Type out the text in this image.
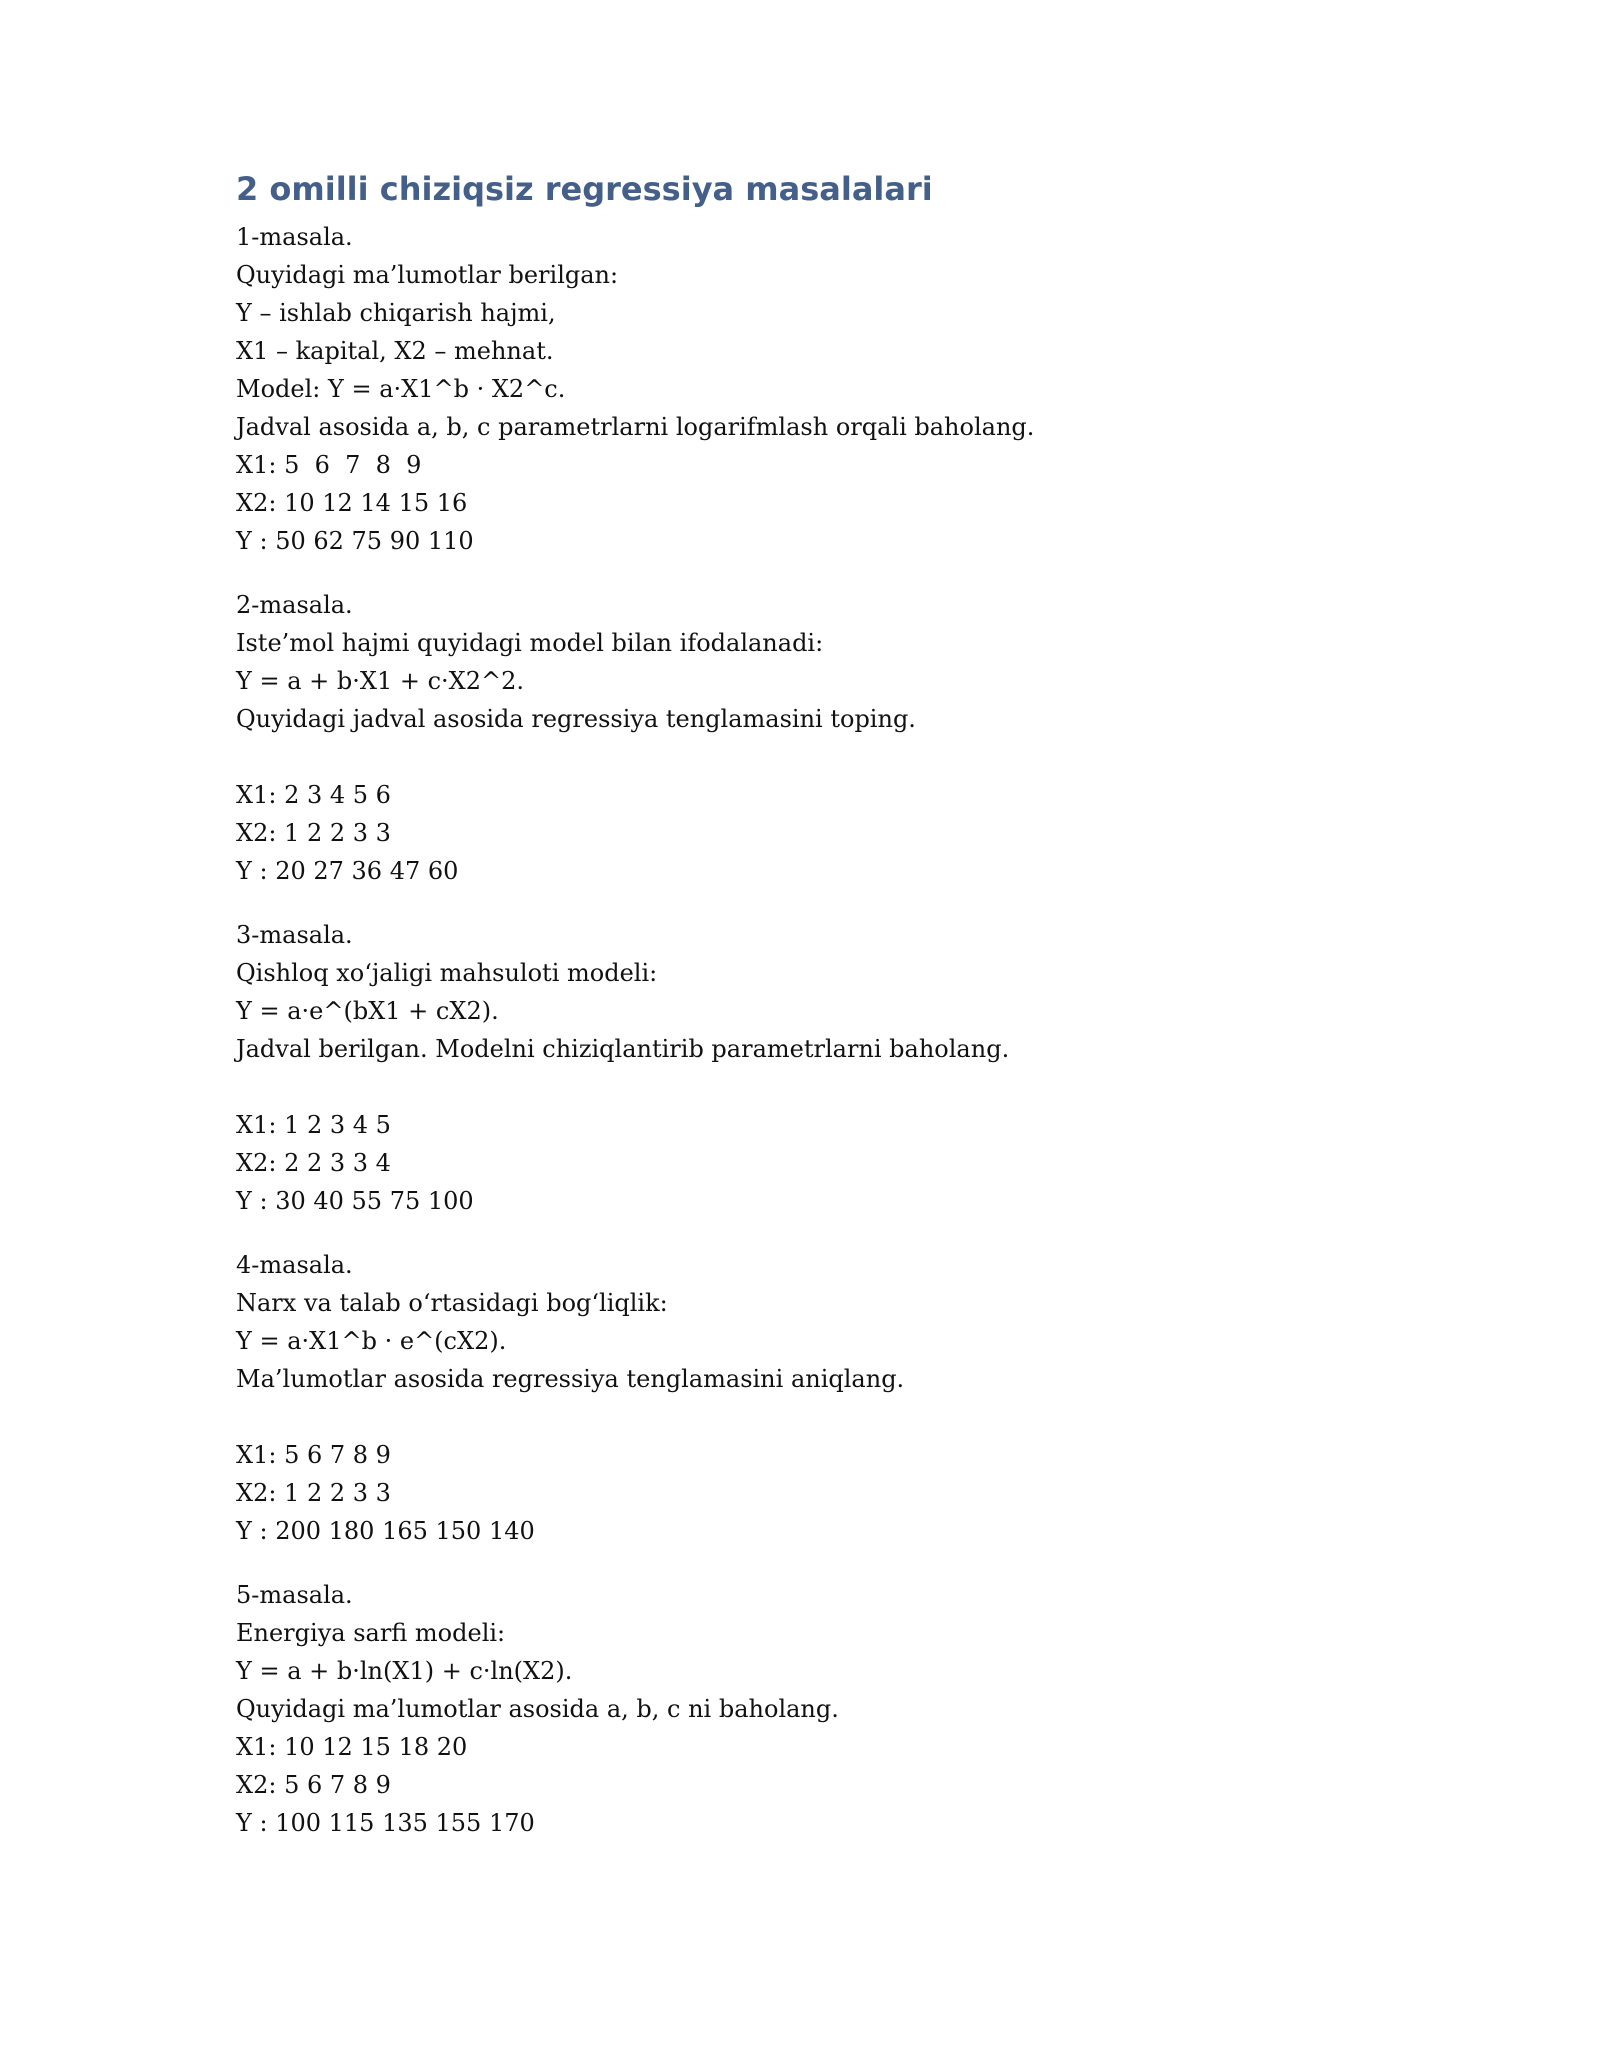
2 omilli chiziqsiz regressiya masalalari
1-masala.
Quyidagi ma’lumotlar berilgan:
Y – ishlab chiqarish hajmi,
X1 – kapital, X2 – mehnat.
Model: Y = a·X1^b · X2^c.
Jadval asosida a, b, c parametrlarni logarifmlash orqali baholang.
X1: 5  6  7  8  9
X2: 10 12 14 15 16
Y : 50 62 75 90 110
2-masala.
Iste’mol hajmi quyidagi model bilan ifodalanadi:
Y = a + b·X1 + c·X2^2.
Quyidagi jadval asosida regressiya tenglamasini toping.
X1: 2 3 4 5 6
X2: 1 2 2 3 3
Y : 20 27 36 47 60
3-masala.
Qishloq xo‘jaligi mahsuloti modeli:
Y = a·e^(bX1 + cX2).
Jadval berilgan. Modelni chiziqlantirib parametrlarni baholang.
X1: 1 2 3 4 5
X2: 2 2 3 3 4
Y : 30 40 55 75 100
4-masala.
Narx va talab o‘rtasidagi bog‘liqlik:
Y = a·X1^b · e^(cX2).
Ma’lumotlar asosida regressiya tenglamasini aniqlang.
X1: 5 6 7 8 9
X2: 1 2 2 3 3
Y : 200 180 165 150 140
5-masala.
Energiya sarfi modeli:
Y = a + b·ln(X1) + c·ln(X2).
Quyidagi ma’lumotlar asosida a, b, c ni baholang.
X1: 10 12 15 18 20
X2: 5 6 7 8 9
Y : 100 115 135 155 170
